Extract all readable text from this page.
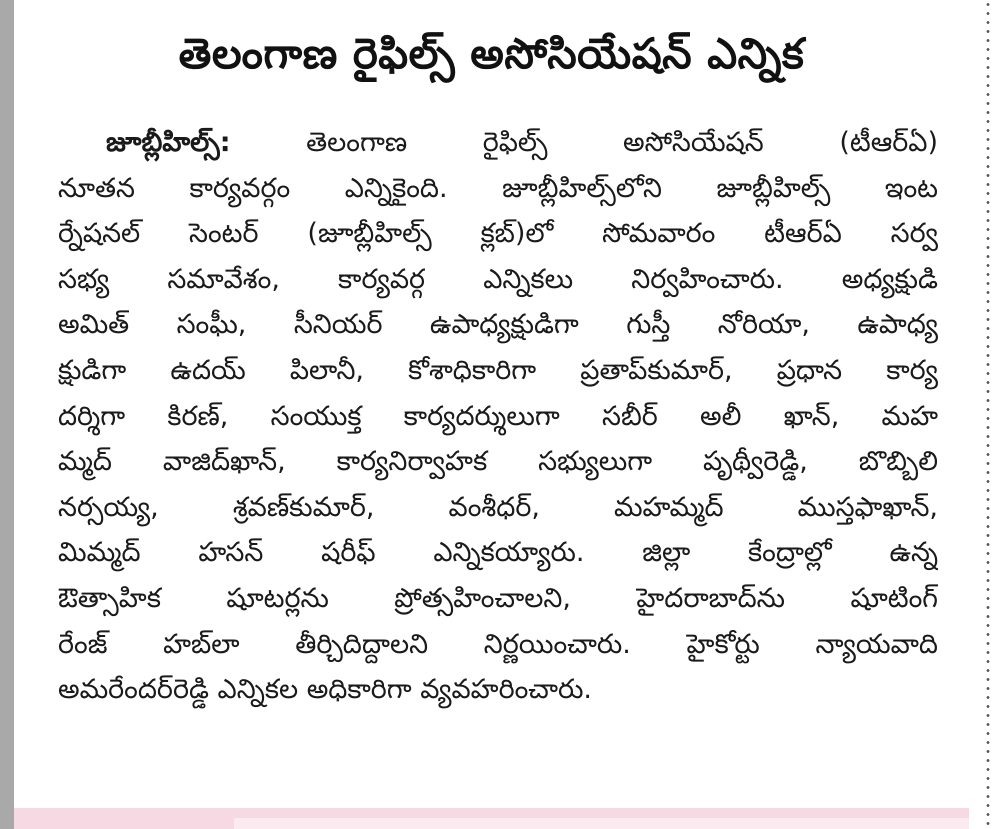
తెలంగాణ రైఫిల్స్ అసోసియేషన్ ఎన్నిక
జూబ్లీహిల్స్:	తెలంగాణ రైఫిల్స్ అసోసియేషన్ (టీఆర్ఏ)
నూతన కార్యవర్గం ఎన్నికైంది. జూబ్లీహిల్స్‌లోని జూబ్లీహిల్స్ ఇంట
ర్నేషనల్ సెంటర్ (జూబ్లీహిల్స్ క్లబ్)లో సోమవారం టీఆర్ఏ సర్వ
సభ్య సమావేశం, కార్యవర్గ ఎన్నికలు నిర్వహించారు. అధ్యక్షుడి
అమిత్ సంఘీ, సీనియర్ ఉపాధ్యక్షుడిగా గుస్తీ నోరియా, ఉపాధ్య
క్షుడిగా ఉదయ్ పిలానీ, కోశాధికారిగా ప్రతాప్‌కుమార్, ప్రధాన కార్య
దర్శిగా కిరణ్, సంయుక్త కార్యదర్శులుగా సబీర్ అలీ ఖాన్, మహ
మ్మద్ వాజిద్‌ఖాన్, కార్యనిర్వాహక సభ్యులుగా పృథ్వీరెడ్డి, బొబ్బిలి
నర్సయ్య, శ్రవణ్‌కుమార్, వంశీధర్, మహమ్మద్ ముస్తఫాఖాన్,
మిమ్మద్ హసన్ షరీఫ్ ఎన్నికయ్యారు. జిల్లా కేంద్రాల్లో ఉన్న
ఔత్సాహిక షూటర్లను ప్రోత్సహించాలని, హైదరాబాద్‌ను షూటింగ్
రేంజ్ హబ్‌లా తీర్చిదిద్దాలని నిర్ణయించారు. హైకోర్టు న్యాయవాది
అమరేందర్‌రెడ్డి ఎన్నికల అధికారిగా వ్యవహరించారు.
